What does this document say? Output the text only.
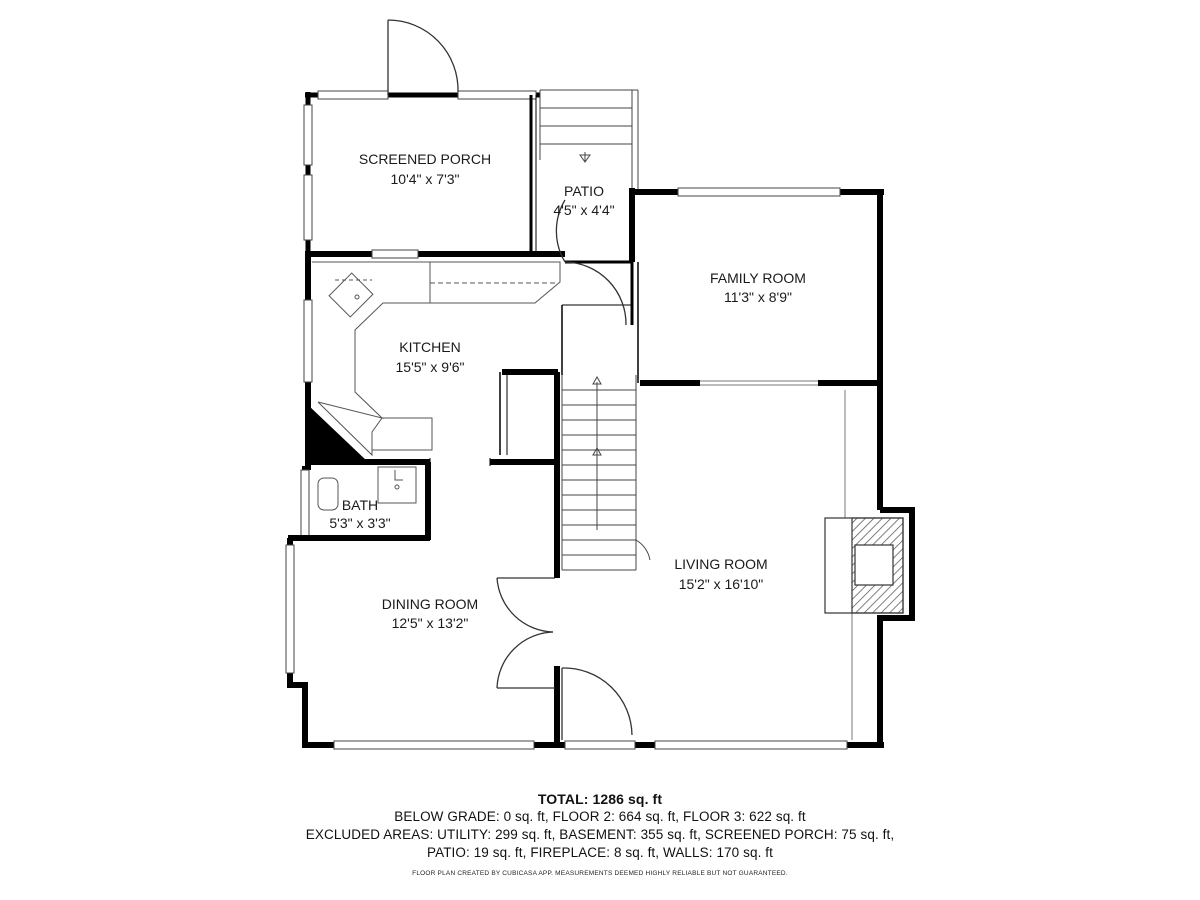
SCREENED PORCH
10'4" x 7'3"
PATIO
4'5" x 4'4"
FAMILY ROOM
11'3" x 8'9"
KITCHEN
15'5" x 9'6"
BATH
5'3" x 3'3"
DINING ROOM
12'5" x 13'2"
LIVING ROOM
15'2" x 16'10"
TOTAL: 1286 sq. ft
BELOW GRADE: 0 sq. ft, FLOOR 2: 664 sq. ft, FLOOR 3: 622 sq. ft
EXCLUDED AREAS: UTILITY: 299 sq. ft, BASEMENT: 355 sq. ft, SCREENED PORCH: 75 sq. ft,
PATIO: 19 sq. ft, FIREPLACE: 8 sq. ft, WALLS: 170 sq. ft
FLOOR PLAN CREATED BY CUBICASA APP. MEASUREMENTS DEEMED HIGHLY RELIABLE BUT NOT GUARANTEED.
